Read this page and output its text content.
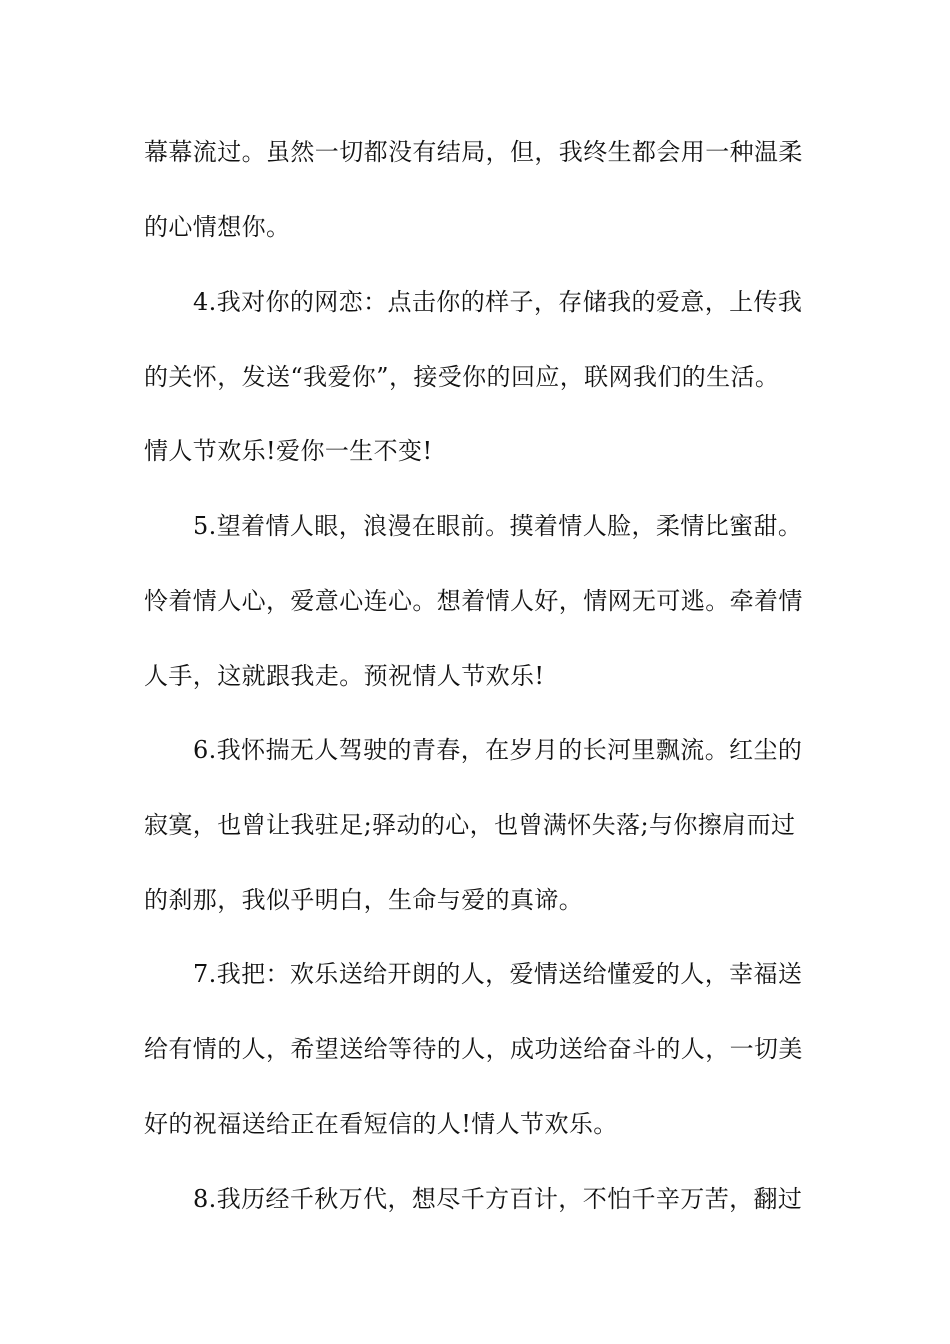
幕幕流过。虽然一切都没有结局，但，我终生都会用一种温柔
的心情想你。
4.我对你的网恋：点击你的样子，存储我的爱意，上传我
的关怀，发送“我爱你”，接受你的回应，联网我们的生活。
情人节欢乐!爱你一生不变!
5.望着情人眼，浪漫在眼前。摸着情人脸，柔情比蜜甜。
怜着情人心，爱意心连心。想着情人好，情网无可逃。牵着情
人手，这就跟我走。预祝情人节欢乐!
6.我怀揣无人驾驶的青春，在岁月的长河里飘流。红尘的
寂寞，也曾让我驻足;驿动的心，也曾满怀失落;与你擦肩而过
的刹那，我似乎明白，生命与爱的真谛。
7.我把：欢乐送给开朗的人，爱情送给懂爱的人，幸福送
给有情的人，希望送给等待的人，成功送给奋斗的人，一切美
好的祝福送给正在看短信的人!情人节欢乐。
8.我历经千秋万代，想尽千方百计，不怕千辛万苦，翻过
